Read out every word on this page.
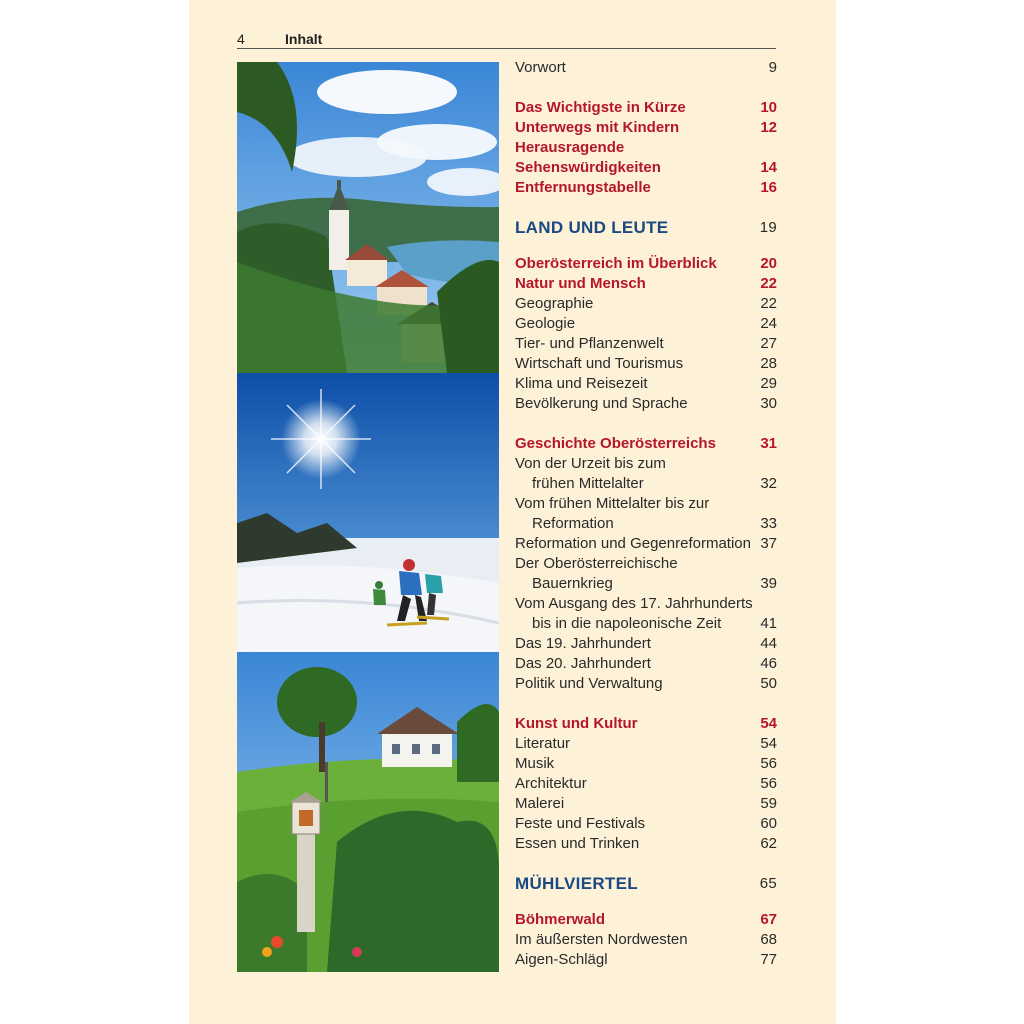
4	Inhalt
Vorwort	9
Das Wichtigste in Kürze	10
Unterwegs mit Kindern	12
Herausragende
Sehenswürdigkeiten	14
Entfernungstabelle	16
LAND UND LEUTE	19
Oberösterreich im Überblick	20
Natur und Mensch	22
Geographie	22
Geologie	24
Tier- und Pflanzenwelt	27
Wirtschaft und Tourismus	28
Klima und Reisezeit	29
Bevölkerung und Sprache	30
Geschichte Oberösterreichs	31
Von der Urzeit bis zum
frühen Mittelalter	32
Vom frühen Mittelalter bis zur
Reformation	33
Reformation und Gegenreformation 37
Der Oberösterreichische
Bauernkrieg	39
Vom Ausgang des 17. Jahrhunderts
bis in die napoleonische Zeit	41
Das 19. Jahrhundert	44
Das 20. Jahrhundert	46
Politik und Verwaltung	50
Kunst und Kultur	54
Literatur	54
Musik	56
Architektur	56
Malerei	59
Feste und Festivals	60
Essen und Trinken	62
MÜHLVIERTEL	65
Böhmerwald	67
Im äußersten Nordwesten	68
Aigen-Schlägl	77
